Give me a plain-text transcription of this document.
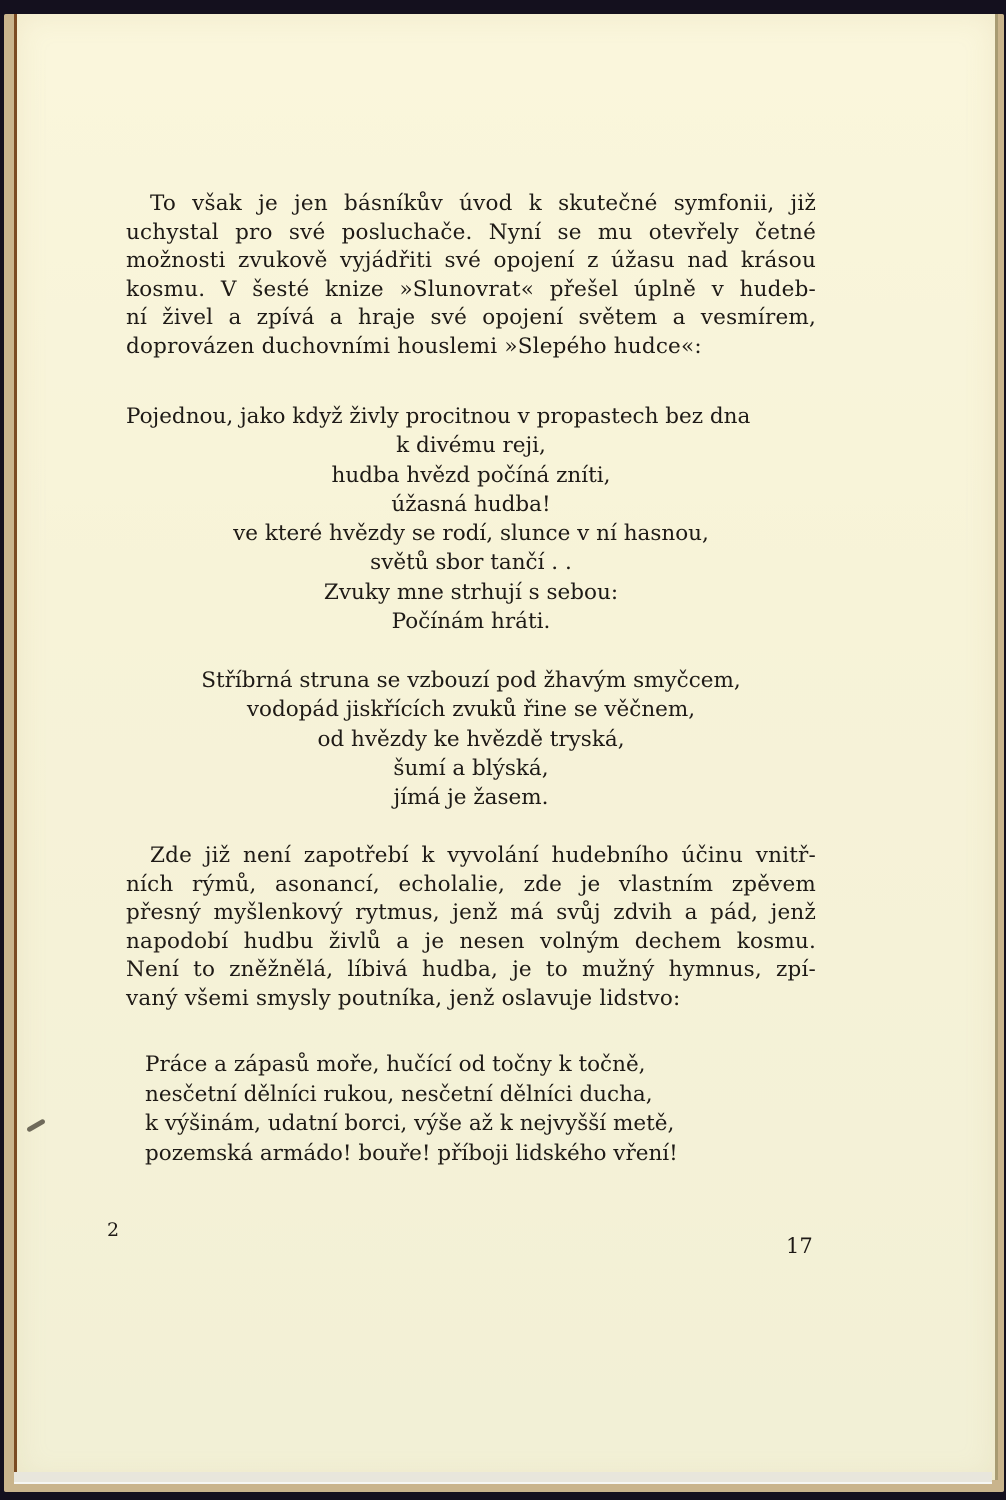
To však je jen básníkův úvod k skutečné symfonii, již
uchystal pro své posluchače. Nyní se mu otevřely četné
možnosti zvukově vyjádřiti své opojení z úžasu nad krásou
kosmu. V šesté knize »Slunovrat« přešel úplně v hudeb-
ní živel a zpívá a hraje své opojení světem a vesmírem,
doprovázen duchovními houslemi »Slepého hudce«:
Pojednou, jako když živly procitnou v propastech bez dna
k divému reji,
hudba hvězd počíná zníti,
úžasná hudba!
ve které hvězdy se rodí, slunce v ní hasnou,
světů sbor tančí . .
Zvuky mne strhují s sebou:
Počínám hráti.
Stříbrná struna se vzbouzí pod žhavým smyčcem,
vodopád jiskřících zvuků řine se věčnem,
od hvězdy ke hvězdě tryská,
šumí a blýská,
jímá je žasem.
Zde již není zapotřebí k vyvolání hudebního účinu vnitř-
ních rýmů, asonancí, echolalie, zde je vlastním zpěvem
přesný myšlenkový rytmus, jenž má svůj zdvih a pád, jenž
napodobí hudbu živlů a je nesen volným dechem kosmu.
Není to zněžnělá, líbivá hudba, je to mužný hymnus, zpí-
vaný všemi smysly poutníka, jenž oslavuje lidstvo:
Práce a zápasů moře, hučící od točny k točně,
nesčetní dělníci rukou, nesčetní dělníci ducha,
k výšinám, udatní borci, výše až k nejvyšší metě,
pozemská armádo! bouře! příboji lidského vření!
2
17
